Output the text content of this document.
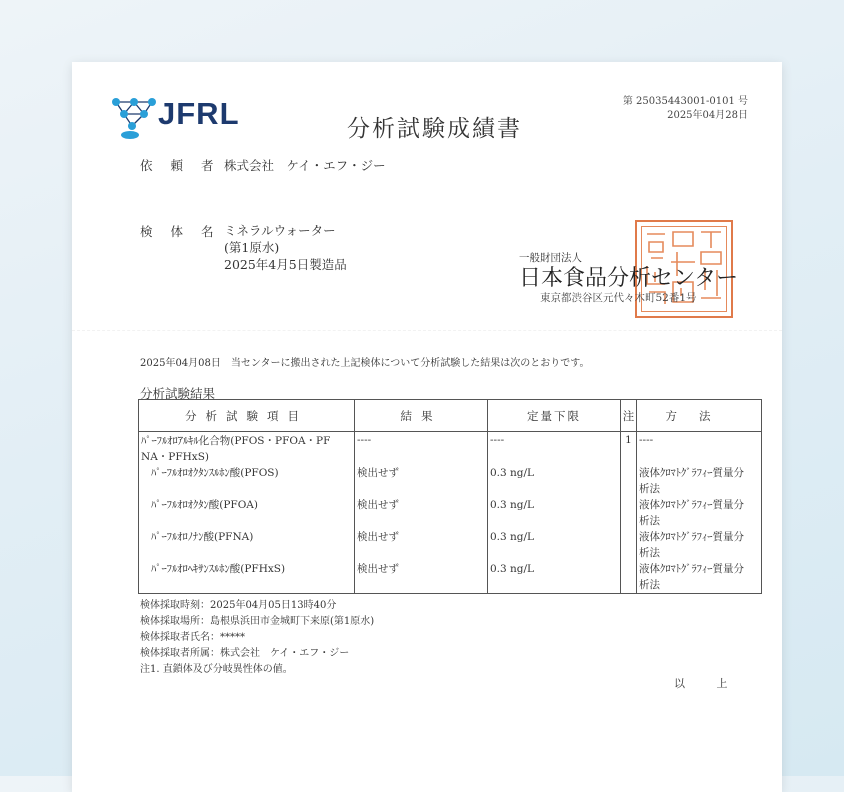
JFRL	分析試験成績書
第 25035443001-0101 号
2025年04月28日
依 頼 者 株式会社　ケイ・エフ・ジー
検 体 名 ミネラルウォーター
(第1原水)
2025年4月5日製造品	一般財団法人
日本食品分析センター
東京都渋谷区元代々木町52番1号
2025年04月08日　当センターに搬出された上記検体について分析試験した結果は次のとおりです。
分析試験結果
分析試験項目	結果	定量下限	注	方法

ﾊﾟｰﾌﾙｵﾛｱﾙｷﾙ化合物(PFOS・PFOA・PF
NA・PFHxS)	----	----	1	----
ﾊﾟｰﾌﾙｵﾛｵｸﾀﾝｽﾙﾎﾝ酸(PFOS)	検出せず	0.3 ng/L		液体ｸﾛﾏﾄｸﾞﾗﾌｨｰ質量分
析法

ﾊﾟｰﾌﾙｵﾛｵｸﾀﾝ酸(PFOA)	検出せず	0.3 ng/L		液体ｸﾛﾏﾄｸﾞﾗﾌｨｰ質量分
析法

ﾊﾟｰﾌﾙｵﾛﾉﾅﾝ酸(PFNA)	検出せず	0.3 ng/L		液体ｸﾛﾏﾄｸﾞﾗﾌｨｰ質量分
析法

ﾊﾟｰﾌﾙｵﾛﾍｷｻﾝｽﾙﾎﾝ酸(PFHxS)	検出せず	0.3 ng/L		液体ｸﾛﾏﾄｸﾞﾗﾌｨｰ質量分
析法
検体採取時刻：2025年04月05日13時40分
検体採取場所：島根県浜田市金城町下来原(第1原水)
検体採取者氏名：*****
検体採取者所属：株式会社　ケイ・エフ・ジー
注1. 直鎖体及び分岐異性体の値。
以 上
